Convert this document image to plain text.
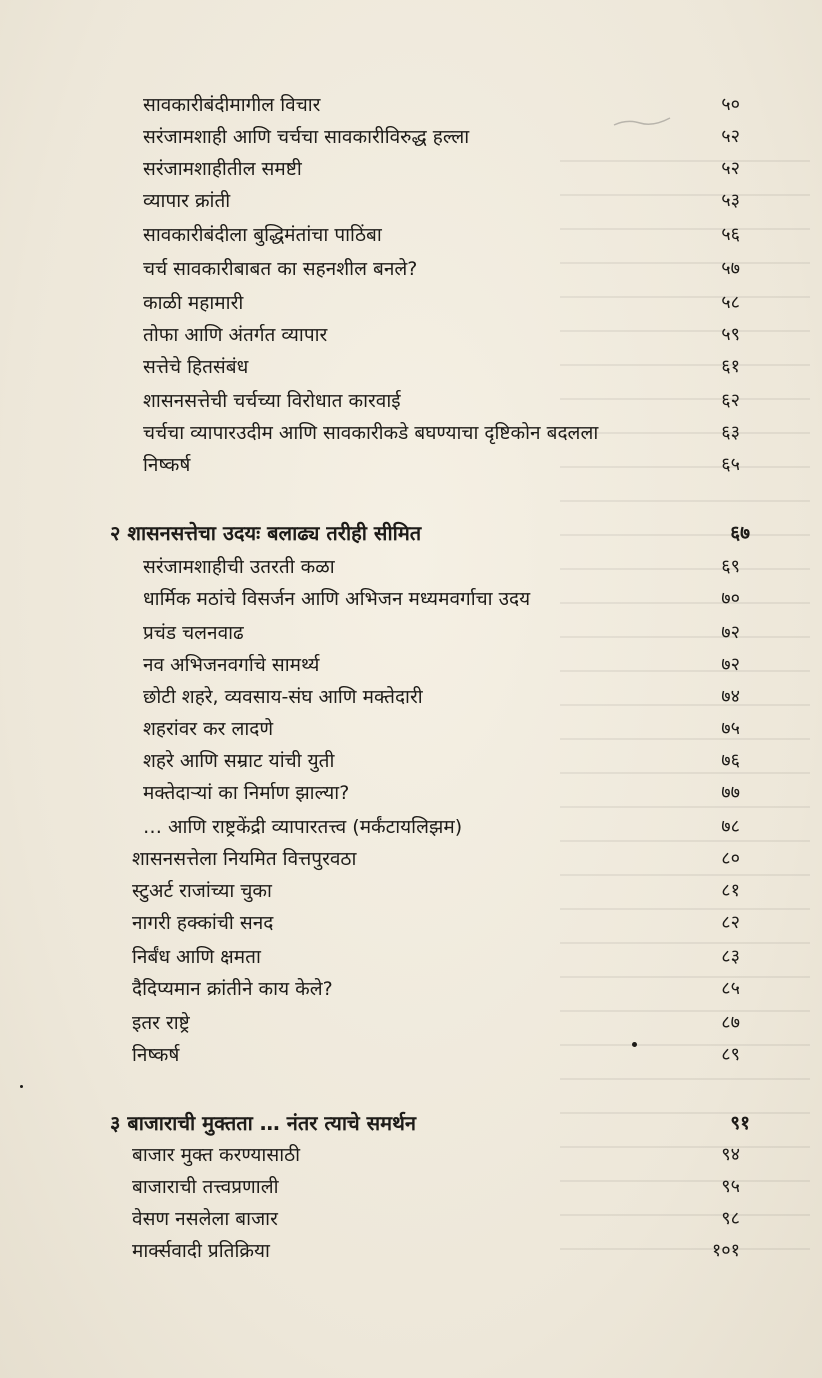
सावकारीबंदीमागील विचार	५०
सरंजामशाही आणि चर्चचा सावकारीविरुद्ध हल्ला	५२
सरंजामशाहीतील समष्टी	५२
व्यापार क्रांती	५३
सावकारीबंदीला बुद्धिमंतांचा पाठिंबा	५६
चर्च सावकारीबाबत का सहनशील बनले?	५७
काळी महामारी	५८
तोफा आणि अंतर्गत व्यापार	५९
सत्तेचे हितसंबंध	६१
शासनसत्तेची चर्चच्या विरोधात कारवाई	६२
चर्चचा व्यापारउदीम आणि सावकारीकडे बघण्याचा दृष्टिकोन बदलला	६३
निष्कर्ष	६५
२ शासनसत्तेचा उदयः बलाढ्य तरीही सीमित	६७
सरंजामशाहीची उतरती कळा	६९
धार्मिक मठांचे विसर्जन आणि अभिजन मध्यमवर्गाचा उदय	७०
प्रचंड चलनवाढ	७२
नव अभिजनवर्गाचे सामर्थ्य	७२
छोटी शहरे, व्यवसाय-संघ आणि मक्तेदारी	७४
शहरांवर कर लादणे	७५
शहरे आणि सम्राट यांची युती	७६
मक्तेदाऱ्यां का निर्माण झाल्या?	७७
… आणि राष्ट्रकेंद्री व्यापारतत्त्व (मर्कंटायलिझम)	७८
शासनसत्तेला नियमित वित्तपुरवठा	८०
स्टुअर्ट राजांच्या चुका	८१
नागरी हक्कांची सनद	८२
निर्बंध आणि क्षमता	८३
दैदिप्यमान क्रांतीने काय केले?	८५
इतर राष्ट्रे	८७
निष्कर्ष	८९
३ बाजाराची मुक्तता … नंतर त्याचे समर्थन	९१
बाजार मुक्त करण्यासाठी	९४
बाजाराची तत्त्वप्रणाली	९५
वेसण नसलेला बाजार	९८
मार्क्सवादी प्रतिक्रिया	१०१
